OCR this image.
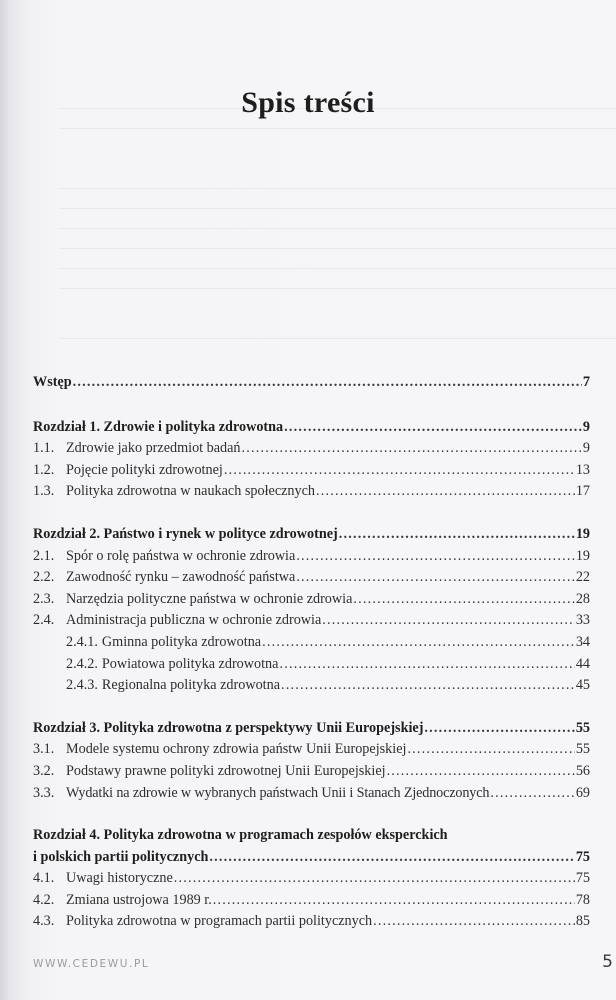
Spis treści
Wstęp .....	7
Rozdział 1. Zdrowie i polityka zdrowotna .....	9
1.1. Zdrowie jako przedmiot badań .....	9
1.2. Pojęcie polityki zdrowotnej .....	13
1.3. Polityka zdrowotna w naukach społecznych .....	17
Rozdział 2. Państwo i rynek w polityce zdrowotnej .....	19
2.1. Spór o rolę państwa w ochronie zdrowia .....	19
2.2. Zawodność rynku – zawodność państwa .....	22
2.3. Narzędzia polityczne państwa w ochronie zdrowia .....	28
2.4. Administracja publiczna w ochronie zdrowia .....	33
2.4.1. Gminna polityka zdrowotna .....	34
2.4.2. Powiatowa polityka zdrowotna .....	44
2.4.3. Regionalna polityka zdrowotna .....	45
Rozdział 3. Polityka zdrowotna z perspektywy Unii Europejskiej .....	55
3.1. Modele systemu ochrony zdrowia państw Unii Europejskiej .....	55
3.2. Podstawy prawne polityki zdrowotnej Unii Europejskiej .....	56
3.3. Wydatki na zdrowie w wybranych państwach Unii i Stanach Zjednoczonych .....	69
Rozdział 4. Polityka zdrowotna w programach zespołów eksperckich
i polskich partii politycznych .....	75
4.1. Uwagi historyczne .....	75
4.2. Zmiana ustrojowa 1989 r. .....	78
4.3. Polityka zdrowotna w programach partii politycznych .....	85
WWW.CEDEWU.PL	5
